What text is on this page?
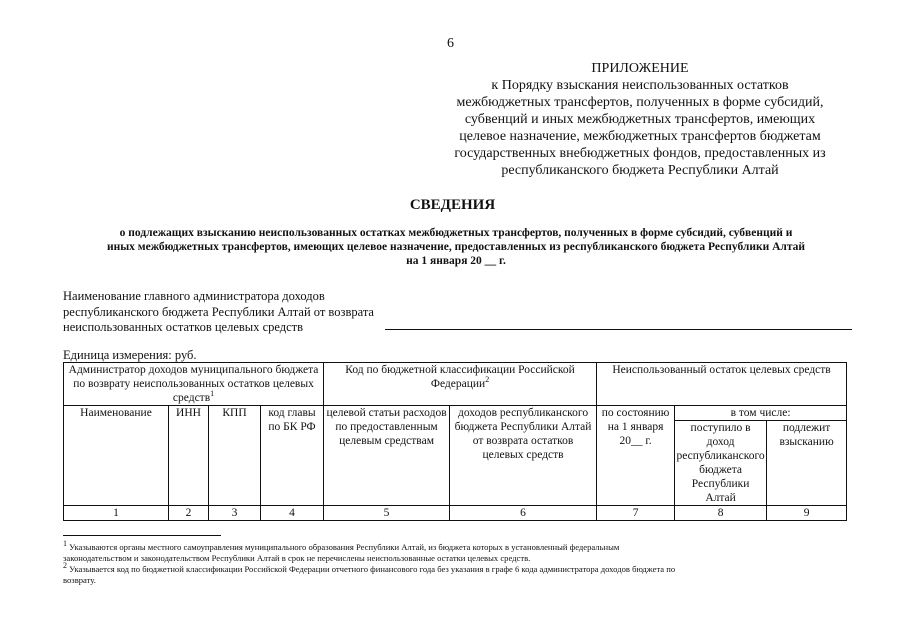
6
ПРИЛОЖЕНИЕ
к Порядку взыскания неиспользованных остатков
межбюджетных трансфертов, полученных в форме субсидий,
субвенций и иных межбюджетных трансфертов, имеющих
целевое назначение, межбюджетных трансфертов бюджетам
государственных внебюджетных фондов, предоставленных из
республиканского бюджета Республики Алтай
СВЕДЕНИЯ
о подлежащих взысканию неиспользованных остатках межбюджетных трансфертов, полученных в форме субсидий, субвенций и
иных межбюджетных трансфертов, имеющих целевое назначение, предоставленных из республиканского бюджета Республики Алтай
на 1 января 20 __ г.
Наименование главного администратора доходов
республиканского бюджета Республики Алтай от возврата
неиспользованных остатков целевых средств
Единица измерения: руб.
Администратор доходов муниципального бюджета по возврату неиспользованных остатков целевых средств$^1$				Код по бюджетной классификации Российской Федерации$^2$		Неиспользованный остаток целевых средств		
Наименование	ИНН	КПП	код главы по БК РФ	целевой статьи расходов по предоставленным целевым средствам	доходов республиканского бюджета Республики Алтай от возврата остатков целевых средств	по состоянию на 1 января 20__ г.	в том числе:	
							поступило в доход республиканского бюджета Республики Алтай	подлежит взысканию
1	2	3	4	5	6	7	8	9
$^1$ Указываются органы местного самоуправления муниципального образования Республики Алтай, из бюджета которых в установленный федеральным
законодательством и законодательством Республики Алтай в срок не перечислены неиспользованные остатки целевых средств.
$^2$ Указывается код по бюджетной классификации Российской Федерации отчетного финансового года без указания в графе 6 кода администратора доходов бюджета по
возврату.
